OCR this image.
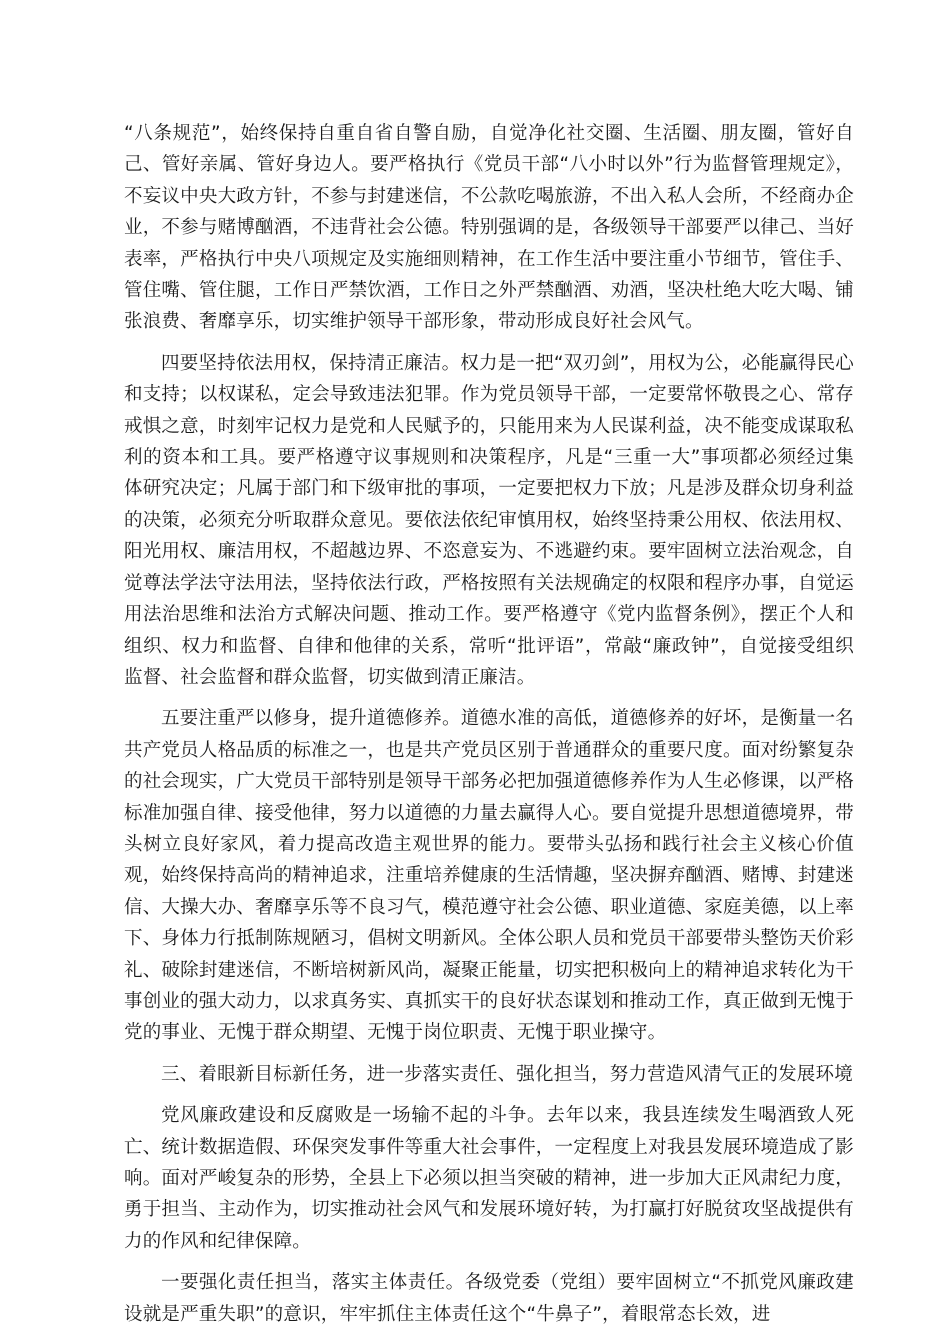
“八条规范”，始终保持自重自省自警自励，自觉净化社交圈、生活圈、朋友圈，管好自己、管好亲属、管好身边人。要严格执行《党员干部“八小时以外”行为监督管理规定》，不妄议中央大政方针，不参与封建迷信，不公款吃喝旅游，不出入私人会所，不经商办企业，不参与赌博酗酒，不违背社会公德。特别强调的是，各级领导干部要严以律己、当好表率，严格执行中央八项规定及实施细则精神，在工作生活中要注重小节细节，管住手、管住嘴、管住腿，工作日严禁饮酒，工作日之外严禁酗酒、劝酒，坚决杜绝大吃大喝、铺张浪费、奢靡享乐，切实维护领导干部形象，带动形成良好社会风气。

四要坚持依法用权，保持清正廉洁。权力是一把“双刃剑”，用权为公，必能赢得民心和支持；以权谋私，定会导致违法犯罪。作为党员领导干部，一定要常怀敬畏之心、常存戒惧之意，时刻牢记权力是党和人民赋予的，只能用来为人民谋利益，决不能变成谋取私利的资本和工具。要严格遵守议事规则和决策程序，凡是“三重一大”事项都必须经过集体研究决定；凡属于部门和下级审批的事项，一定要把权力下放；凡是涉及群众切身利益的决策，必须充分听取群众意见。要依法依纪审慎用权，始终坚持秉公用权、依法用权、阳光用权、廉洁用权，不超越边界、不恣意妄为、不逃避约束。要牢固树立法治观念，自觉尊法学法守法用法，坚持依法行政，严格按照有关法规确定的权限和程序办事，自觉运用法治思维和法治方式解决问题、推动工作。要严格遵守《党内监督条例》，摆正个人和组织、权力和监督、自律和他律的关系，常听“批评语”，常敲“廉政钟”，自觉接受组织监督、社会监督和群众监督，切实做到清正廉洁。

五要注重严以修身，提升道德修养。道德水准的高低，道德修养的好坏，是衡量一名共产党员人格品质的标准之一，也是共产党员区别于普通群众的重要尺度。面对纷繁复杂的社会现实，广大党员干部特别是领导干部务必把加强道德修养作为人生必修课，以严格标准加强自律、接受他律，努力以道德的力量去赢得人心。要自觉提升思想道德境界，带头树立良好家风，着力提高改造主观世界的能力。要带头弘扬和践行社会主义核心价值观，始终保持高尚的精神追求，注重培养健康的生活情趣，坚决摒弃酗酒、赌博、封建迷信、大操大办、奢靡享乐等不良习气，模范遵守社会公德、职业道德、家庭美德，以上率下、身体力行抵制陈规陋习，倡树文明新风。全体公职人员和党员干部要带头整饬天价彩礼、破除封建迷信，不断培树新风尚，凝聚正能量，切实把积极向上的精神追求转化为干事创业的强大动力，以求真务实、真抓实干的良好状态谋划和推动工作，真正做到无愧于党的事业、无愧于群众期望、无愧于岗位职责、无愧于职业操守。

三、着眼新目标新任务，进一步落实责任、强化担当，努力营造风清气正的发展环境

党风廉政建设和反腐败是一场输不起的斗争。去年以来，我县连续发生喝酒致人死亡、统计数据造假、环保突发事件等重大社会事件，一定程度上对我县发展环境造成了影响。面对严峻复杂的形势，全县上下必须以担当突破的精神，进一步加大正风肃纪力度，勇于担当、主动作为，切实推动社会风气和发展环境好转，为打赢打好脱贫攻坚战提供有力的作风和纪律保障。

一要强化责任担当，落实主体责任。各级党委（党组）要牢固树立“不抓党风廉政建设就是严重失职”的意识，牢牢抓住主体责任这个“牛鼻子”，着眼常态长效，进
